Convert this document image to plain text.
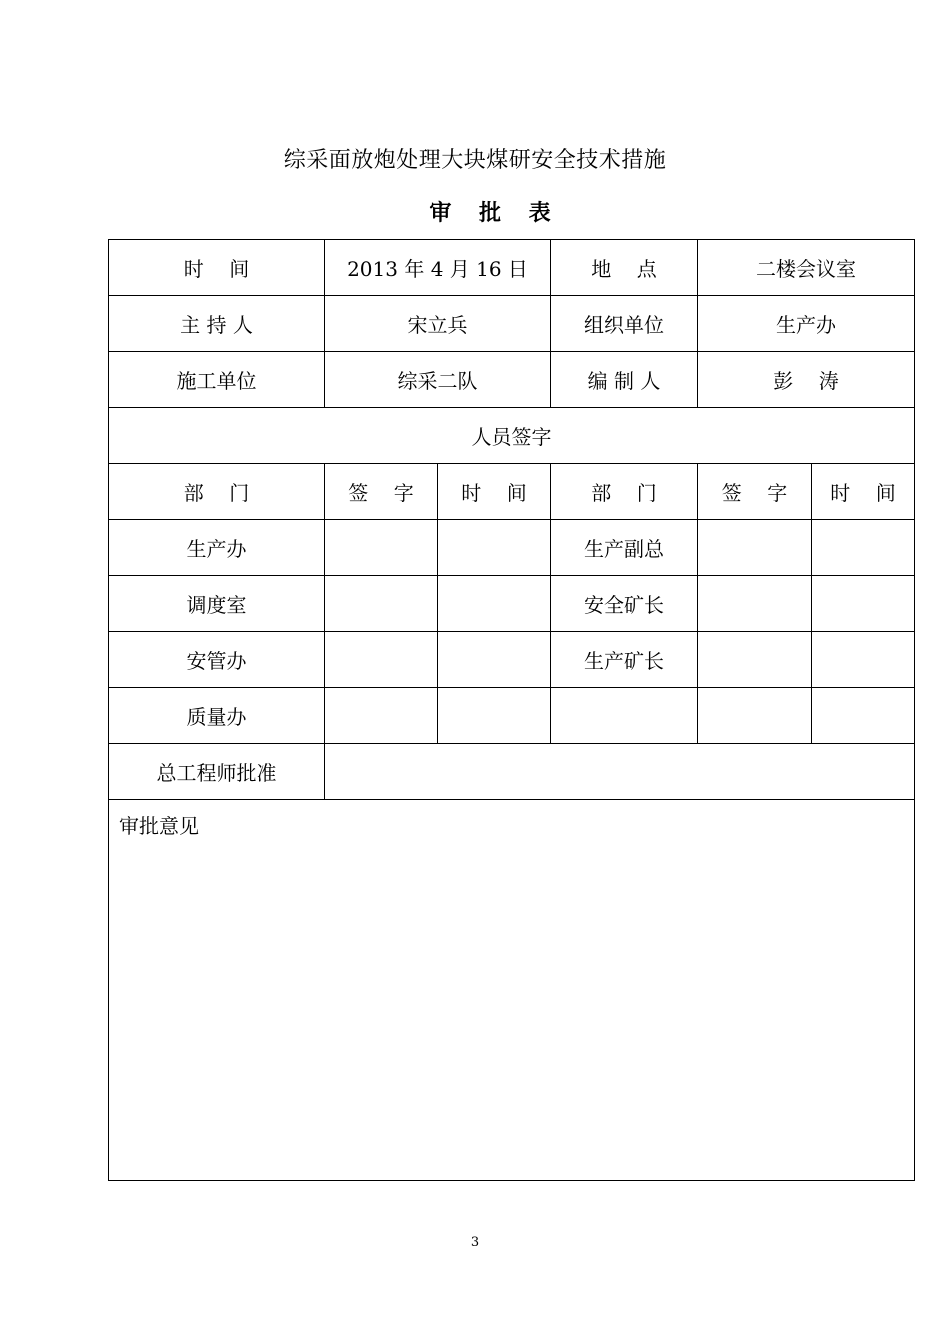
综采面放炮处理大块煤研安全技术措施
审 批 表
时    间	2013 年 4 月 16 日		地    点	二楼会议室	
主 持 人	宋立兵		组织单位	生产办	
施工单位	综采二队		编 制 人	彭    涛	
人员签字					
部    门	签    字	时    间	部    门	签    字	时    间
生产办			生产副总		
调度室			安全矿长		
安管办			生产矿长		
质量办					
总工程师批准					
审批意见					
3
